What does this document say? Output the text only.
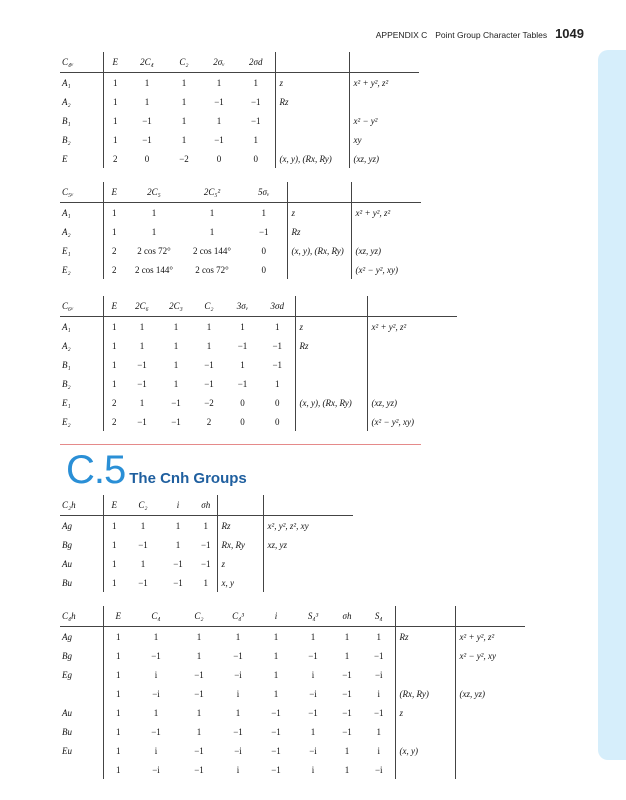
APPENDIX C Point Group Character Tables 1049
C₄ᵥ	E	2C₄	C₂	2σᵥ	2σd		
A₁	1	1	1	1	1	z	x² + y², z²
A₂	1	1	1	−1	−1	Rz	
B₁	1	−1	1	1	−1		x² − y²
B₂	1	−1	1	−1	1		xy
E	2	0	−2	0	0	(x, y), (Rx, Ry)	(xz, yz)
C₅ᵥ	E	2C₅	2C₅²	5σᵥ		
A₁	1	1	1	1	z	x² + y², z²
A₂	1	1	1	−1	Rz	
E₁	2	2 cos 72°	2 cos 144°	0	(x, y), (Rx, Ry)	(xz, yz)
E₂	2	2 cos 144°	2 cos 72°	0		(x² − y², xy)
C₆ᵥ	E	2C₆	2C₃	C₂	3σᵥ	3σd		
A₁	1	1	1	1	1	1	z	x² + y², z²
A₂	1	1	1	1	−1	−1	Rz	
B₁	1	−1	1	−1	1	−1		
B₂	1	−1	1	−1	−1	1		
E₁	2	1	−1	−2	0	0	(x, y), (Rx, Ry)	(xz, yz)
E₂	2	−1	−1	2	0	0		(x² − y², xy)
C.5 The Cnh Groups
C₂h	E	C₂	i	σh		
Ag	1	1	1	1	Rz	x², y², z², xy
Bg	1	−1	1	−1	Rx, Ry	xz, yz
Au	1	1	−1	−1	z	
Bu	1	−1	−1	1	x, y	
C₄h	E	C₄	C₂	C₄³	i	S₄³	σh	S₄		
Ag	1	1	1	1	1	1	1	1	Rz	x² + y², z²
Bg	1	−1	1	−1	1	−1	1	−1		x² − y², xy
Eg	1	i	−1	−i	1	i	−1	−i		
	1	−i	−1	i	1	−i	−1	i	(Rx, Ry)	(xz, yz)
Au	1	1	1	1	−1	−1	−1	−1	z	
Bu	1	−1	1	−1	−1	1	−1	1		
Eu	1	i	−1	−i	−1	−i	1	i	(x, y)	
	1	−i	−1	i	−1	i	1	−i		
